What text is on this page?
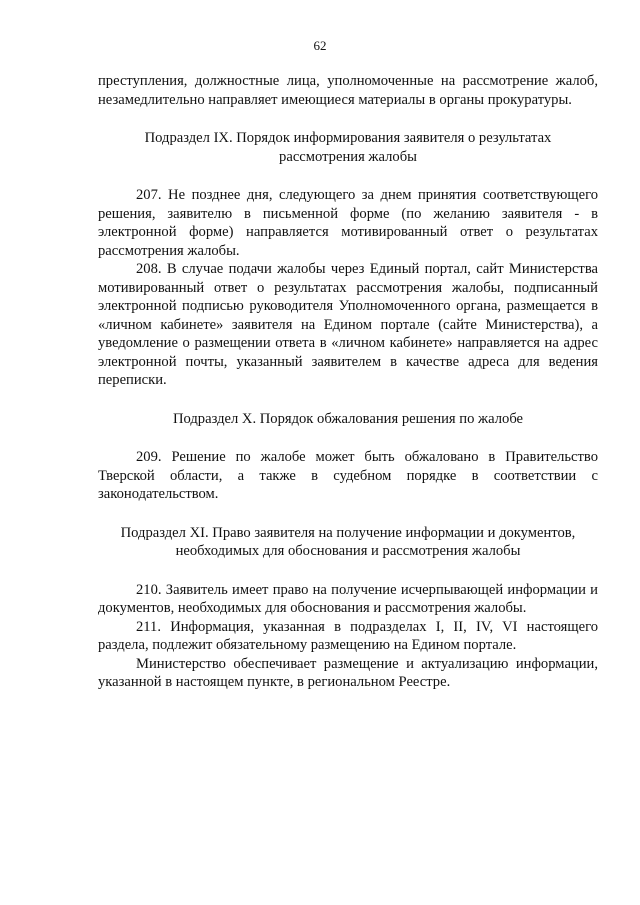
62

преступления, должностные лица, уполномоченные на рассмотрение жалоб, незамедлительно направляет имеющиеся материалы в органы прокуратуры.

Подраздел IX. Порядок информирования заявителя о результатах рассмотрения жалобы

207. Не позднее дня, следующего за днем принятия соответствующего решения, заявителю в письменной форме (по желанию заявителя - в электронной форме) направляется мотивированный ответ о результатах рассмотрения жалобы.

208. В случае подачи жалобы через Единый портал, сайт Министерства мотивированный ответ о результатах рассмотрения жалобы, подписанный электронной подписью руководителя Уполномоченного органа, размещается в «личном кабинете» заявителя на Едином портале (сайте Министерства), а уведомление о размещении ответа в «личном кабинете» направляется на адрес электронной почты, указанный заявителем в качестве адреса для ведения переписки.

Подраздел X. Порядок обжалования решения по жалобе

209. Решение по жалобе может быть обжаловано в Правительство Тверской области, а также в судебном порядке в соответствии с законодательством.

Подраздел XI. Право заявителя на получение информации и документов, необходимых для обоснования и рассмотрения жалобы

210. Заявитель имеет право на получение исчерпывающей информации и документов, необходимых для обоснования и рассмотрения жалобы.

211. Информация, указанная в подразделах I, II, IV, VI настоящего раздела, подлежит обязательному размещению на Едином портале.

Министерство обеспечивает размещение и актуализацию информации, указанной в настоящем пункте, в региональном Реестре.
